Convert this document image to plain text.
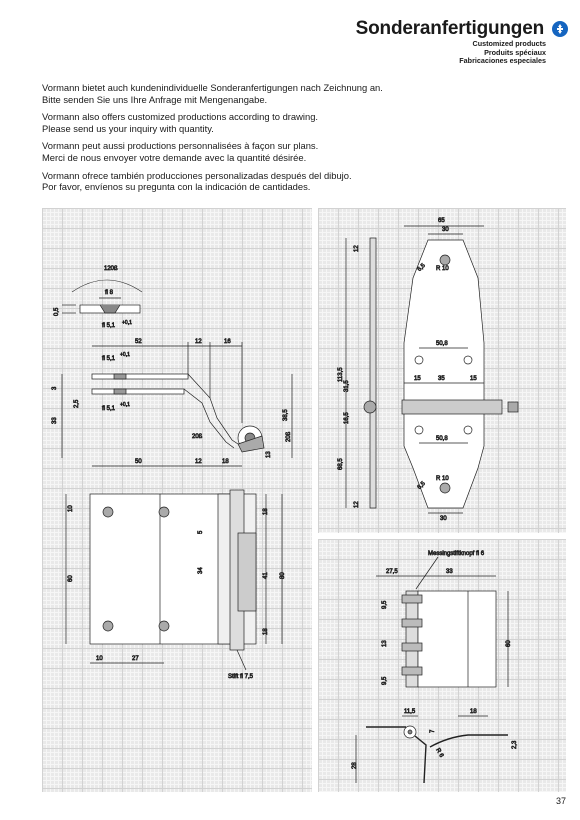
Sonderanfertigungen
Customized products
Produits spéciaux
Fabricaciones especiales

Vormann bietet auch kundenindividuelle Sonderanfertigungen nach Zeichnung an.
Bitte senden Sie uns Ihre Anfrage mit Mengenangabe.

Vormann also offers customized productions according to drawing.
Please send us your inquiry with quantity.

Vormann peut aussi productions personnalisées à façon sur plans.
Merci de nous envoyer votre demande avec la quantité désirée.

Vormann ofrece también producciones personalizadas después del dibujo.
Por favor, envíenos su pregunta con la indicación de cantidades.

120ß
fl 8
0,5
fl 5,1 +0,1
52	12	16
fl 5,1
+0,1
3
2,5
33
fl 5,1
+0,1
38,5
20ß
20ß
13
50	12	18
10
60
10	27
5
34
18
41 80
18
Stift fl 7,5
65
30
12
R 10
6,5
113,5
50,8
15	35	15
31,5
16,5
50,8
68,5
6,5
R 10
12
30
Messingstiftknopf fl 6
27,5	33
9,5
13
9,5
60
11,5	18
7
2,3
R 6
28
37
